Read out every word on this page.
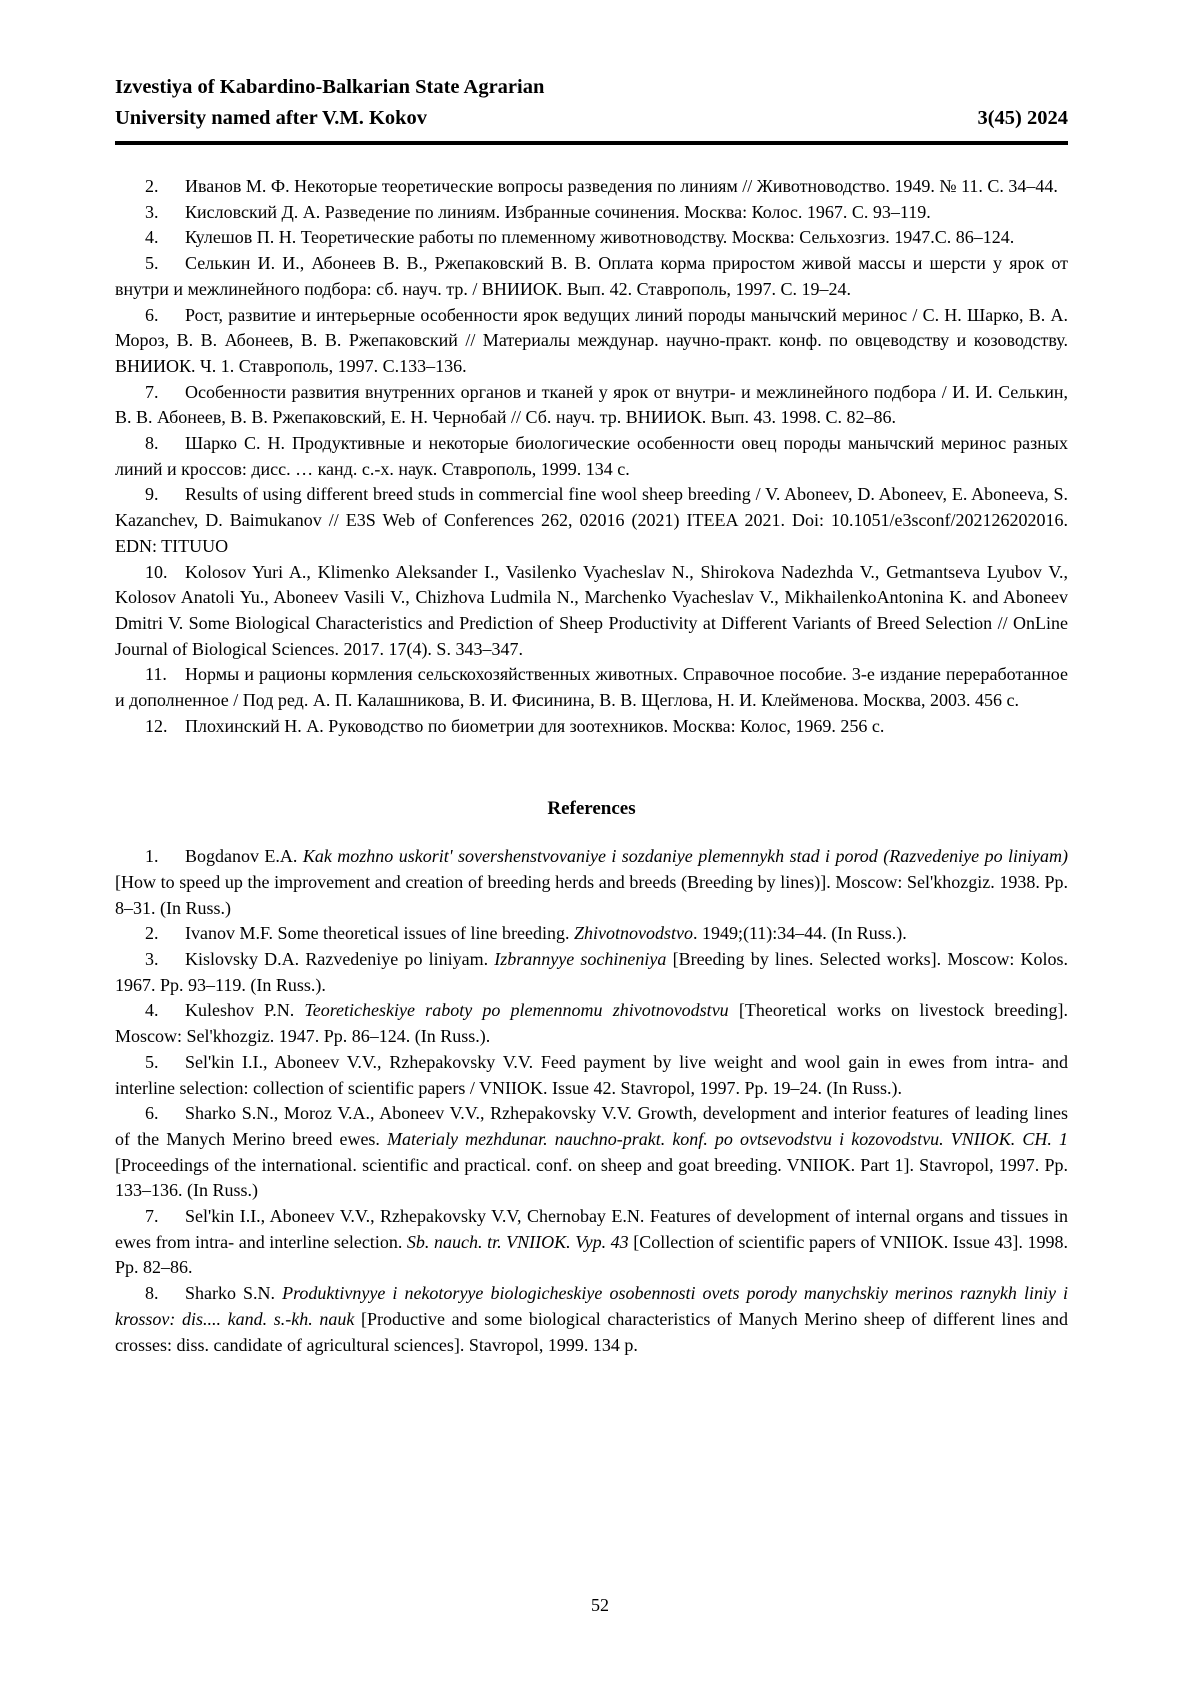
Izvestiya of Kabardino-Balkarian State Agrarian
University named after V.M. Kokov	3(45) 2024

2. Иванов М. Ф. Некоторые теоретические вопросы разведения по линиям // Животноводство. 1949. № 11. С. 34–44.

3. Кисловский Д. А. Разведение по линиям. Избранные сочинения. Москва: Колос. 1967. С. 93–119.

4. Кулешов П. Н. Теоретические работы по племенному животноводству. Москва: Сельхозгиз. 1947.С. 86–124.

5. Селькин И. И., Абонеев В. В., Ржепаковский В. В. Оплата корма приростом живой массы и шерсти у ярок от внутри и межлинейного подбора: сб. науч. тр. / ВНИИОК. Вып. 42. Ставрополь, 1997. С. 19–24.

6. Рост, развитие и интерьерные особенности ярок ведущих линий породы манычский меринос / С. Н. Шарко, В. А. Мороз, В. В. Абонеев, В. В. Ржепаковский // Материалы междунар. научно-практ. конф. по овцеводству и козоводству. ВНИИОК. Ч. 1. Ставрополь, 1997. С.133–136.

7. Особенности развития внутренних органов и тканей у ярок от внутри- и межлинейного подбора / И. И. Селькин, В. В. Абонеев, В. В. Ржепаковский, Е. Н. Чернобай // Сб. науч. тр. ВНИИОК. Вып. 43. 1998. С. 82–86.

8. Шарко С. Н. Продуктивные и некоторые биологические особенности овец породы манычский меринос разных линий и кроссов: дисс. … канд. с.-х. наук. Ставрополь, 1999. 134 с.

9. Results of using different breed studs in commercial fine wool sheep breeding / V. Aboneev, D. Aboneev, E. Aboneeva, S. Kazanchev, D. Baimukanov // E3S Web of Conferences 262, 02016 (2021) ITEEA 2021. Doi: 10.1051/e3sconf/202126202016. EDN: TITUUO

10. Kolosov Yuri A., Klimenko Aleksander I., Vasilenko Vyacheslav N., Shirokova Nadezhda V., Getmantseva Lyubov V., Kolosov Anatoli Yu., Aboneev Vasili V., Chizhova Ludmila N., Marchenko Vyacheslav V., MikhailenkoAntonina K. and Aboneev Dmitri V. Some Biological Characteristics and Prediction of Sheep Productivity at Different Variants of Breed Selection // OnLine Journal of Biological Sciences. 2017. 17(4). S. 343–347.

11. Нормы и рационы кормления сельскохозяйственных животных. Справочное пособие. 3-е издание переработанное и дополненное / Под ред. А. П. Калашникова, В. И. Фисинина, В. В. Щеглова, Н. И. Клейменова. Москва, 2003. 456 с.

12. Плохинский Н. А. Руководство по биометрии для зоотехников. Москва: Колос, 1969. 256 с.

References

1. Bogdanov E.A. Kak mozhno uskorit' sovershenstvovaniye i sozdaniye plemennykh stad i porod (Razvedeniye po liniyam) [How to speed up the improvement and creation of breeding herds and breeds (Breeding by lines)]. Moscow: Sel'khozgiz. 1938. Pp. 8–31. (In Russ.)

2. Ivanov M.F. Some theoretical issues of line breeding. Zhivotnovodstvo. 1949;(11):34–44. (In Russ.).

3. Kislovsky D.A. Razvedeniye po liniyam. Izbrannyye sochineniya [Breeding by lines. Selected works]. Moscow: Kolos. 1967. Pp. 93–119. (In Russ.).

4. Kuleshov P.N. Teoreticheskiye raboty po plemennomu zhivotnovodstvu [Theoretical works on livestock breeding]. Moscow: Sel'khozgiz. 1947. Pp. 86–124. (In Russ.).

5. Sel'kin I.I., Aboneev V.V., Rzhepakovsky V.V. Feed payment by live weight and wool gain in ewes from intra- and interline selection: collection of scientific papers / VNIIOK. Issue 42. Stavropol, 1997. Pp. 19–24. (In Russ.).

6. Sharko S.N., Moroz V.A., Aboneev V.V., Rzhepakovsky V.V. Growth, development and interior features of leading lines of the Manych Merino breed ewes. Materialy mezhdunar. nauchno-prakt. konf. po ovtsevodstvu i kozovodstvu. VNIIOK. CH. 1 [Proceedings of the international. scientific and practical. conf. on sheep and goat breeding. VNIIOK. Part 1]. Stavropol, 1997. Pp. 133–136. (In Russ.)

7. Sel'kin I.I., Aboneev V.V., Rzhepakovsky V.V, Chernobay E.N. Features of development of internal organs and tissues in ewes from intra- and interline selection. Sb. nauch. tr. VNIIOK. Vyp. 43 [Collection of scientific papers of VNIIOK. Issue 43]. 1998. Pp. 82–86.

8. Sharko S.N. Produktivnyye i nekotoryye biologicheskiye osobennosti ovets porody manychskiy merinos raznykh liniy i krossov: dis.... kand. s.-kh. nauk [Productive and some biological characteristics of Manych Merino sheep of different lines and crosses: diss. candidate of agricultural sciences]. Stavropol, 1999. 134 p.

52
